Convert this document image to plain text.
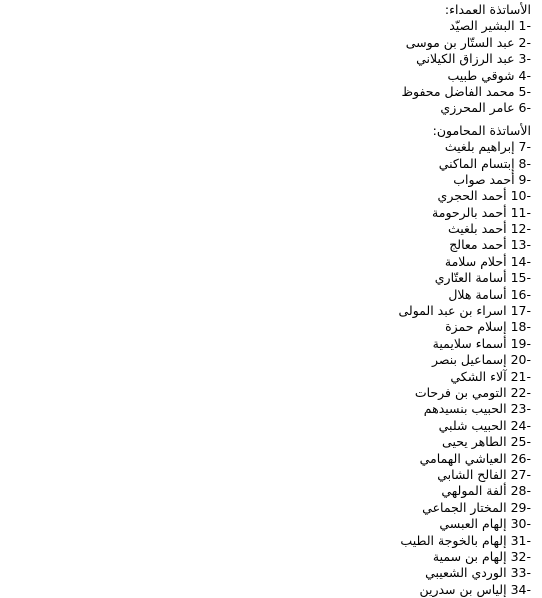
الأساتذة العمداء:
1- البشير الصيّد
2- عبد الستّار بن موسى
3- عبد الرزاق الكيلاني
4- شوقي طبيب
5- محمد الفاضل محفوظ
6- عامر المحرزي
الأساتذة المحامون:
7- إبراهيم بلغيث
8- إبتسام الماكني
9- أحمد صواب
10- أحمد الحجري
11- أحمد بالرحومة
12- أحمد بلغيث
13- أحمد معالج
14- أحلام سلامة
15- أسامة العتّاري
16- أسامة هلال
17- اسراء بن عبد المولى
18- إسلام حمزة
19- أسماء سلايمية
20- إسماعيل بنصر
21- آلاء الشكي
22- التومي بن فرحات
23- الحبيب بنسيدهم
24- الحبيب شلبي
25- الطاهر يحيى
26- العياشي الهمامي
27- الفالح الشابي
28- ألفة المولهي
29- المختار الجماعي
30- إلهام العبسي
31- إلهام بالخوجة الطيب
32- إلهام بن سمية
33- الوردي الشعيبي
34- إلياس بن سدرين
